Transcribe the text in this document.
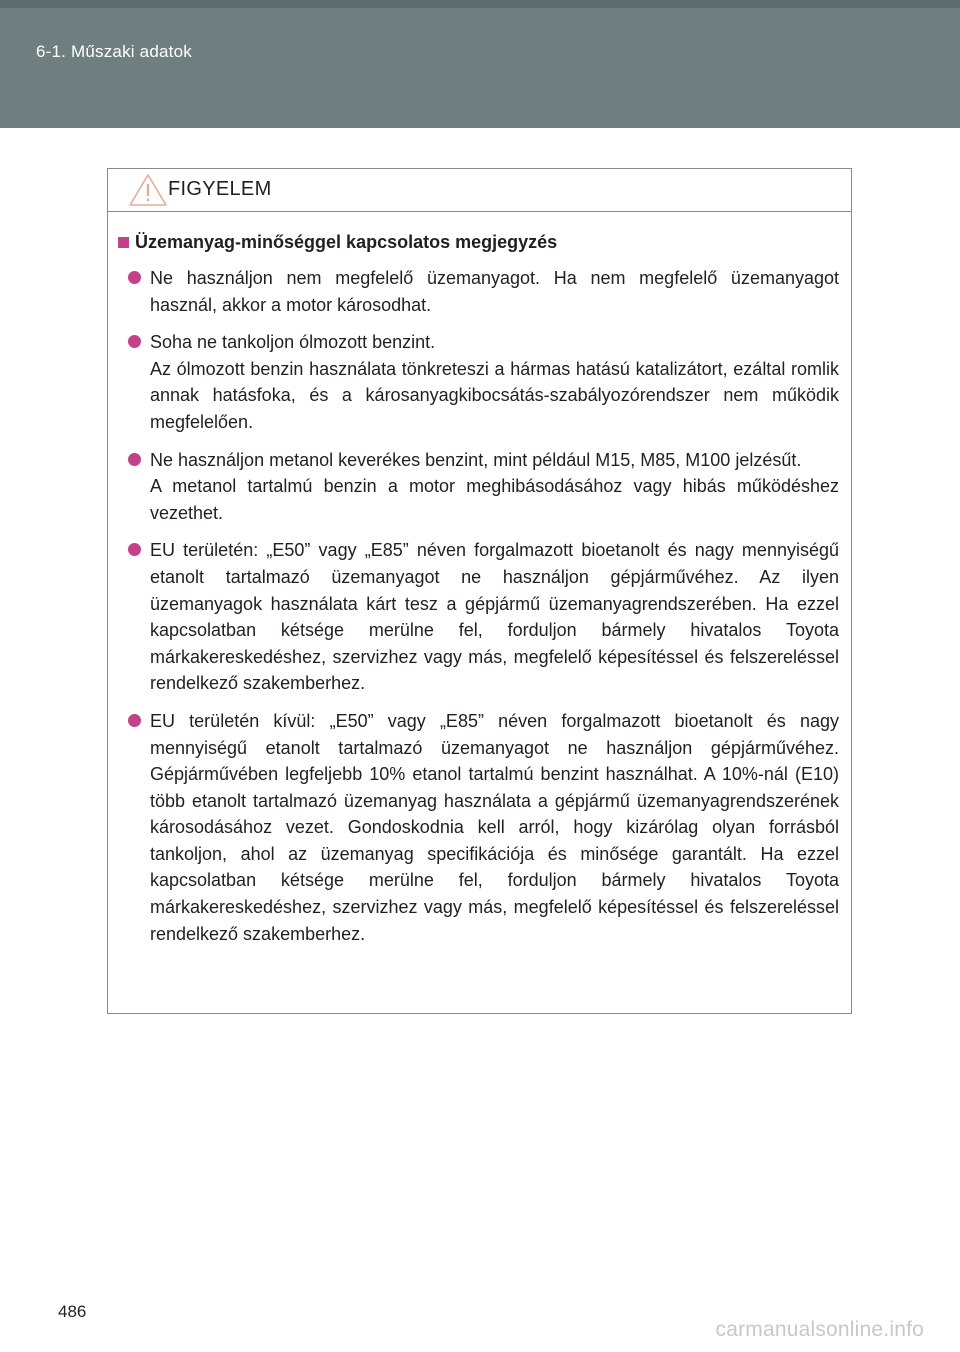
6-1. Műszaki adatok
FIGYELEM
Üzemanyag-minőséggel kapcsolatos megjegyzés
Ne használjon nem megfelelő üzemanyagot. Ha nem megfelelő üzemanyagot használ, akkor a motor károsodhat.
Soha ne tankoljon ólmozott benzint.
Az ólmozott benzin használata tönkreteszi a hármas hatású katalizátort, ezáltal romlik annak hatásfoka, és a károsanyagkibocsátás-szabályozórendszer nem működik megfelelően.
Ne használjon metanol keverékes benzint, mint például M15, M85, M100 jelzésűt.
A metanol tartalmú benzin a motor meghibásodásához vagy hibás működéshez vezethet.
EU területén: „E50” vagy „E85” néven forgalmazott bioetanolt és nagy mennyiségű etanolt tartalmazó üzemanyagot ne használjon gépjárművéhez. Az ilyen üzemanyagok használata kárt tesz a gépjármű üzemanyagrendszerében. Ha ezzel kapcsolatban kétsége merülne fel, forduljon bármely hivatalos Toyota márkakereskedéshez, szervizhez vagy más, megfelelő képesítéssel és felszereléssel rendelkező szakemberhez.
EU területén kívül: „E50” vagy „E85” néven forgalmazott bioetanolt és nagy mennyiségű etanolt tartalmazó üzemanyagot ne használjon gépjárművéhez. Gépjárművében legfeljebb 10% etanol tartalmú benzint használhat. A 10%-nál (E10) több etanolt tartalmazó üzemanyag használata a gépjármű üzemanyagrendszerének károsodásához vezet. Gondoskodnia kell arról, hogy kizárólag olyan forrásból tankoljon, ahol az üzemanyag specifikációja és minősége garantált. Ha ezzel kapcsolatban kétsége merülne fel, forduljon bármely hivatalos Toyota márkakereskedéshez, szervizhez vagy más, megfelelő képesítéssel és felszereléssel rendelkező szakemberhez.
486
carmanualsonline.info
